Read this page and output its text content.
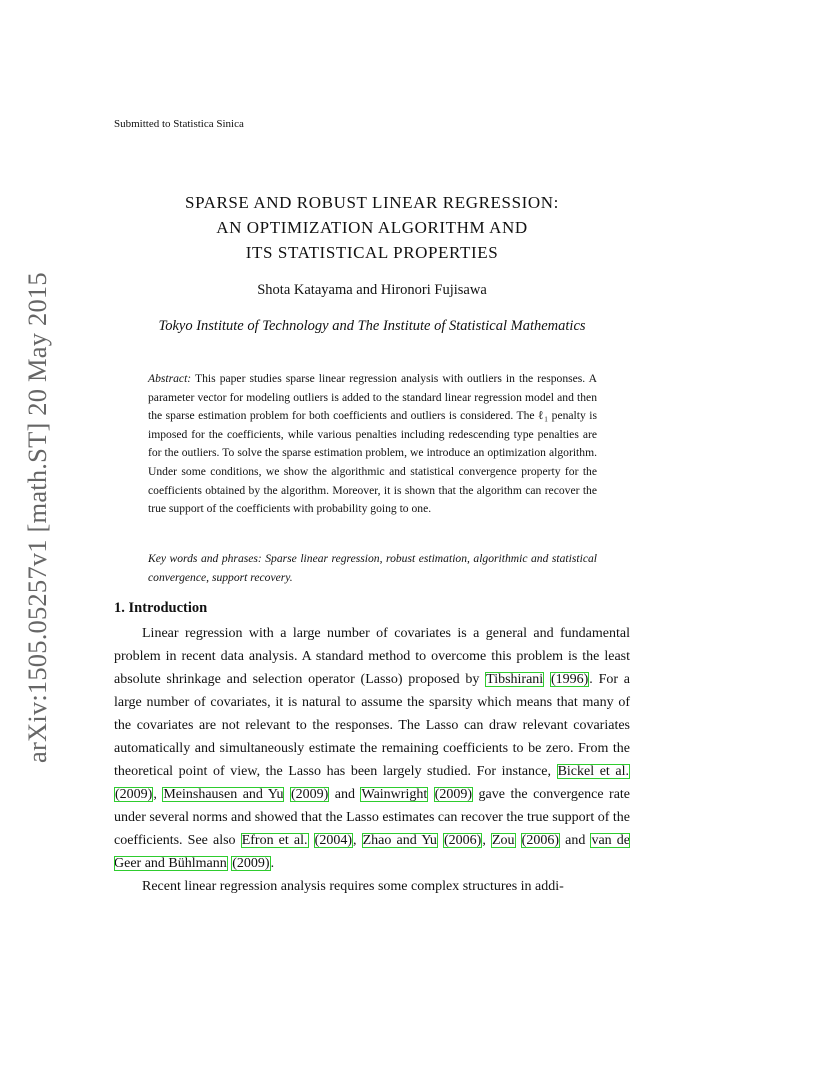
arXiv:1505.05257v1 [math.ST] 20 May 2015
Submitted to Statistica Sinica
SPARSE AND ROBUST LINEAR REGRESSION:
AN OPTIMIZATION ALGORITHM AND
ITS STATISTICAL PROPERTIES
Shota Katayama and Hironori Fujisawa
Tokyo Institute of Technology and The Institute of Statistical Mathematics
Abstract: This paper studies sparse linear regression analysis with outliers in the responses. A parameter vector for modeling outliers is added to the standard linear regression model and then the sparse estimation problem for both coefficients and outliers is considered. The ℓ₁ penalty is imposed for the coefficients, while various penalties including redescending type penalties are for the outliers. To solve the sparse estimation problem, we introduce an optimization algorithm. Under some conditions, we show the algorithmic and statistical convergence property for the coefficients obtained by the algorithm. Moreover, it is shown that the algorithm can recover the true support of the coefficients with probability going to one.
Key words and phrases: Sparse linear regression, robust estimation, algorithmic and statistical convergence, support recovery.
1. Introduction

Linear regression with a large number of covariates is a general and fundamental problem in recent data analysis. A standard method to overcome this problem is the least absolute shrinkage and selection operator (Lasso) proposed by Tibshirani (1996). For a large number of covariates, it is natural to assume the sparsity which means that many of the covariates are not relevant to the responses. The Lasso can draw relevant covariates automatically and simultaneously estimate the remaining coefficients to be zero. From the theoretical point of view, the Lasso has been largely studied. For instance, Bickel et al. (2009), Meinshausen and Yu (2009) and Wainwright (2009) gave the convergence rate under several norms and showed that the Lasso estimates can recover the true support of the coefficients. See also Efron et al. (2004), Zhao and Yu (2006), Zou (2006) and van de Geer and Bühlmann (2009).

Recent linear regression analysis requires some complex structures in addi-
